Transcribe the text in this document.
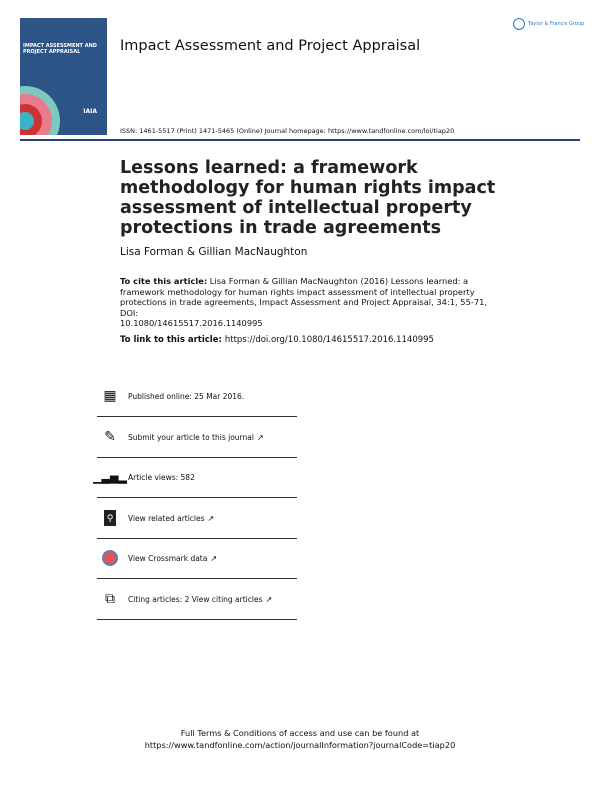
IMPACT ASSESSMENT AND PROJECT APPRAISAL
IAIA
Taylor & Francis Group
Impact Assessment and Project Appraisal
ISSN: 1461-5517 (Print) 1471-5465 (Online) Journal homepage: https://www.tandfonline.com/loi/tiap20
Lessons learned: a framework methodology for human rights impact assessment of intellectual property protections in trade agreements
Lisa Forman & Gillian MacNaughton
To cite this article: Lisa Forman & Gillian MacNaughton (2016) Lessons learned: a framework methodology for human rights impact assessment of intellectual property protections in trade agreements, Impact Assessment and Project Appraisal, 34:1, 55-71, DOI:
10.1080/14615517.2016.1140995
To link to this article: https://doi.org/10.1080/14615517.2016.1140995
▦	Published online: 25 Mar 2016.
✎	Submit your article to this journal ↗
▁▃▅▂ Article views: 582
⚲	View related articles ↗
View Crossmark data ↗
⧉	Citing articles: 2 View citing articles ↗
Full Terms & Conditions of access and use can be found at
https://www.tandfonline.com/action/journalInformation?journalCode=tiap20
